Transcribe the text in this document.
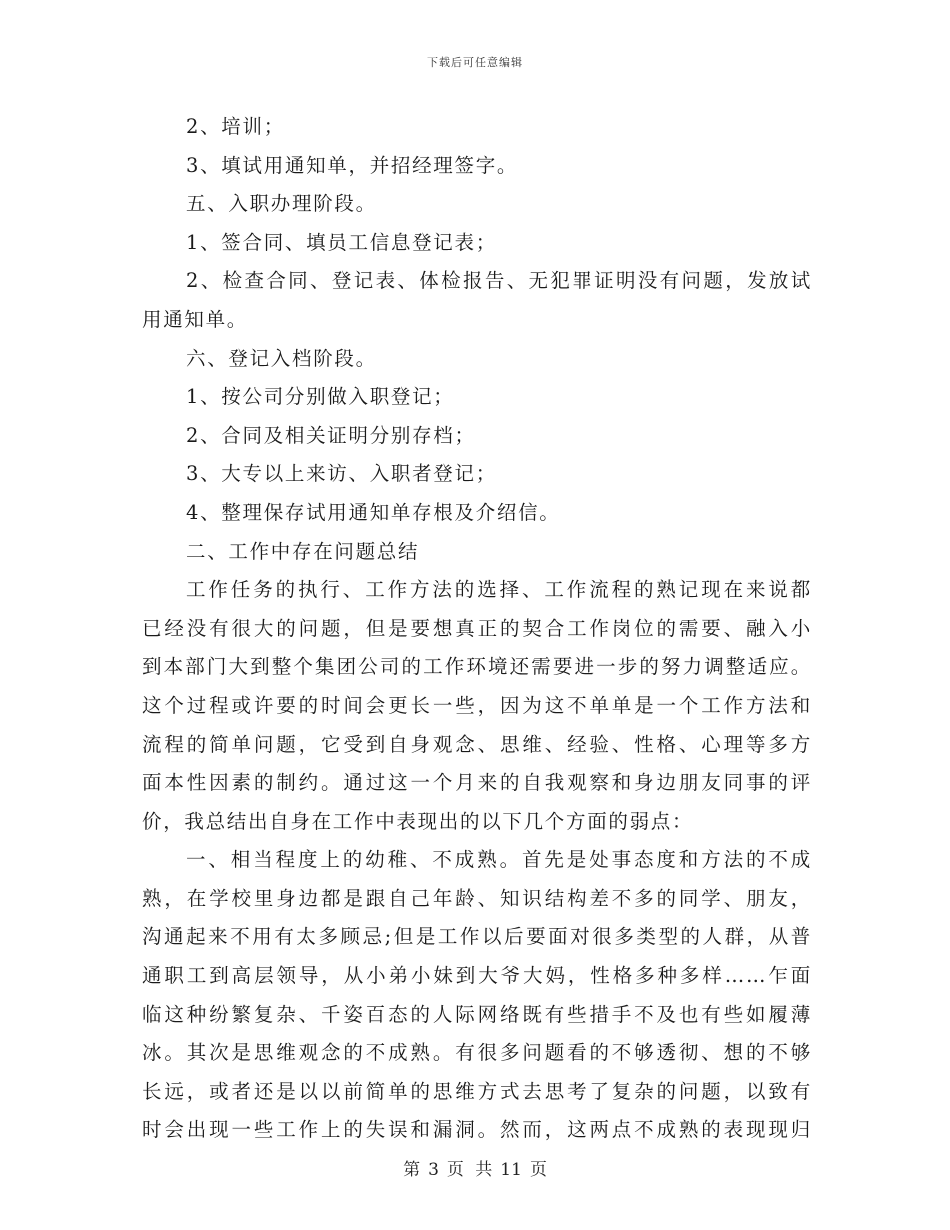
下载后可任意编辑
2、培训；
3、填试用通知单，并招经理签字。
五、入职办理阶段。
1、签合同、填员工信息登记表；
2、检查合同、登记表、体检报告、无犯罪证明没有问题，发放试
用通知单。
六、登记入档阶段。
1、按公司分别做入职登记；
2、合同及相关证明分别存档；
3、大专以上来访、入职者登记；
4、整理保存试用通知单存根及介绍信。
二、工作中存在问题总结
工作任务的执行、工作方法的选择、工作流程的熟记现在来说都
已经没有很大的问题，但是要想真正的契合工作岗位的需要、融入小
到本部门大到整个集团公司的工作环境还需要进一步的努力调整适应。
这个过程或许要的时间会更长一些，因为这不单单是一个工作方法和
流程的简单问题，它受到自身观念、思维、经验、性格、心理等多方
面本性因素的制约。通过这一个月来的自我观察和身边朋友同事的评
价，我总结出自身在工作中表现出的以下几个方面的弱点：
一、相当程度上的幼稚、不成熟。首先是处事态度和方法的不成
熟，在学校里身边都是跟自己年龄、知识结构差不多的同学、朋友，
沟通起来不用有太多顾忌;但是工作以后要面对很多类型的人群，从普
通职工到高层领导，从小弟小妹到大爷大妈，性格多种多样……乍面
临这种纷繁复杂、千姿百态的人际网络既有些措手不及也有些如履薄
冰。其次是思维观念的不成熟。有很多问题看的不够透彻、想的不够
长远，或者还是以以前简单的思维方式去思考了复杂的问题，以致有
时会出现一些工作上的失误和漏洞。然而，这两点不成熟的表现现归
第 3 页 共 11 页
